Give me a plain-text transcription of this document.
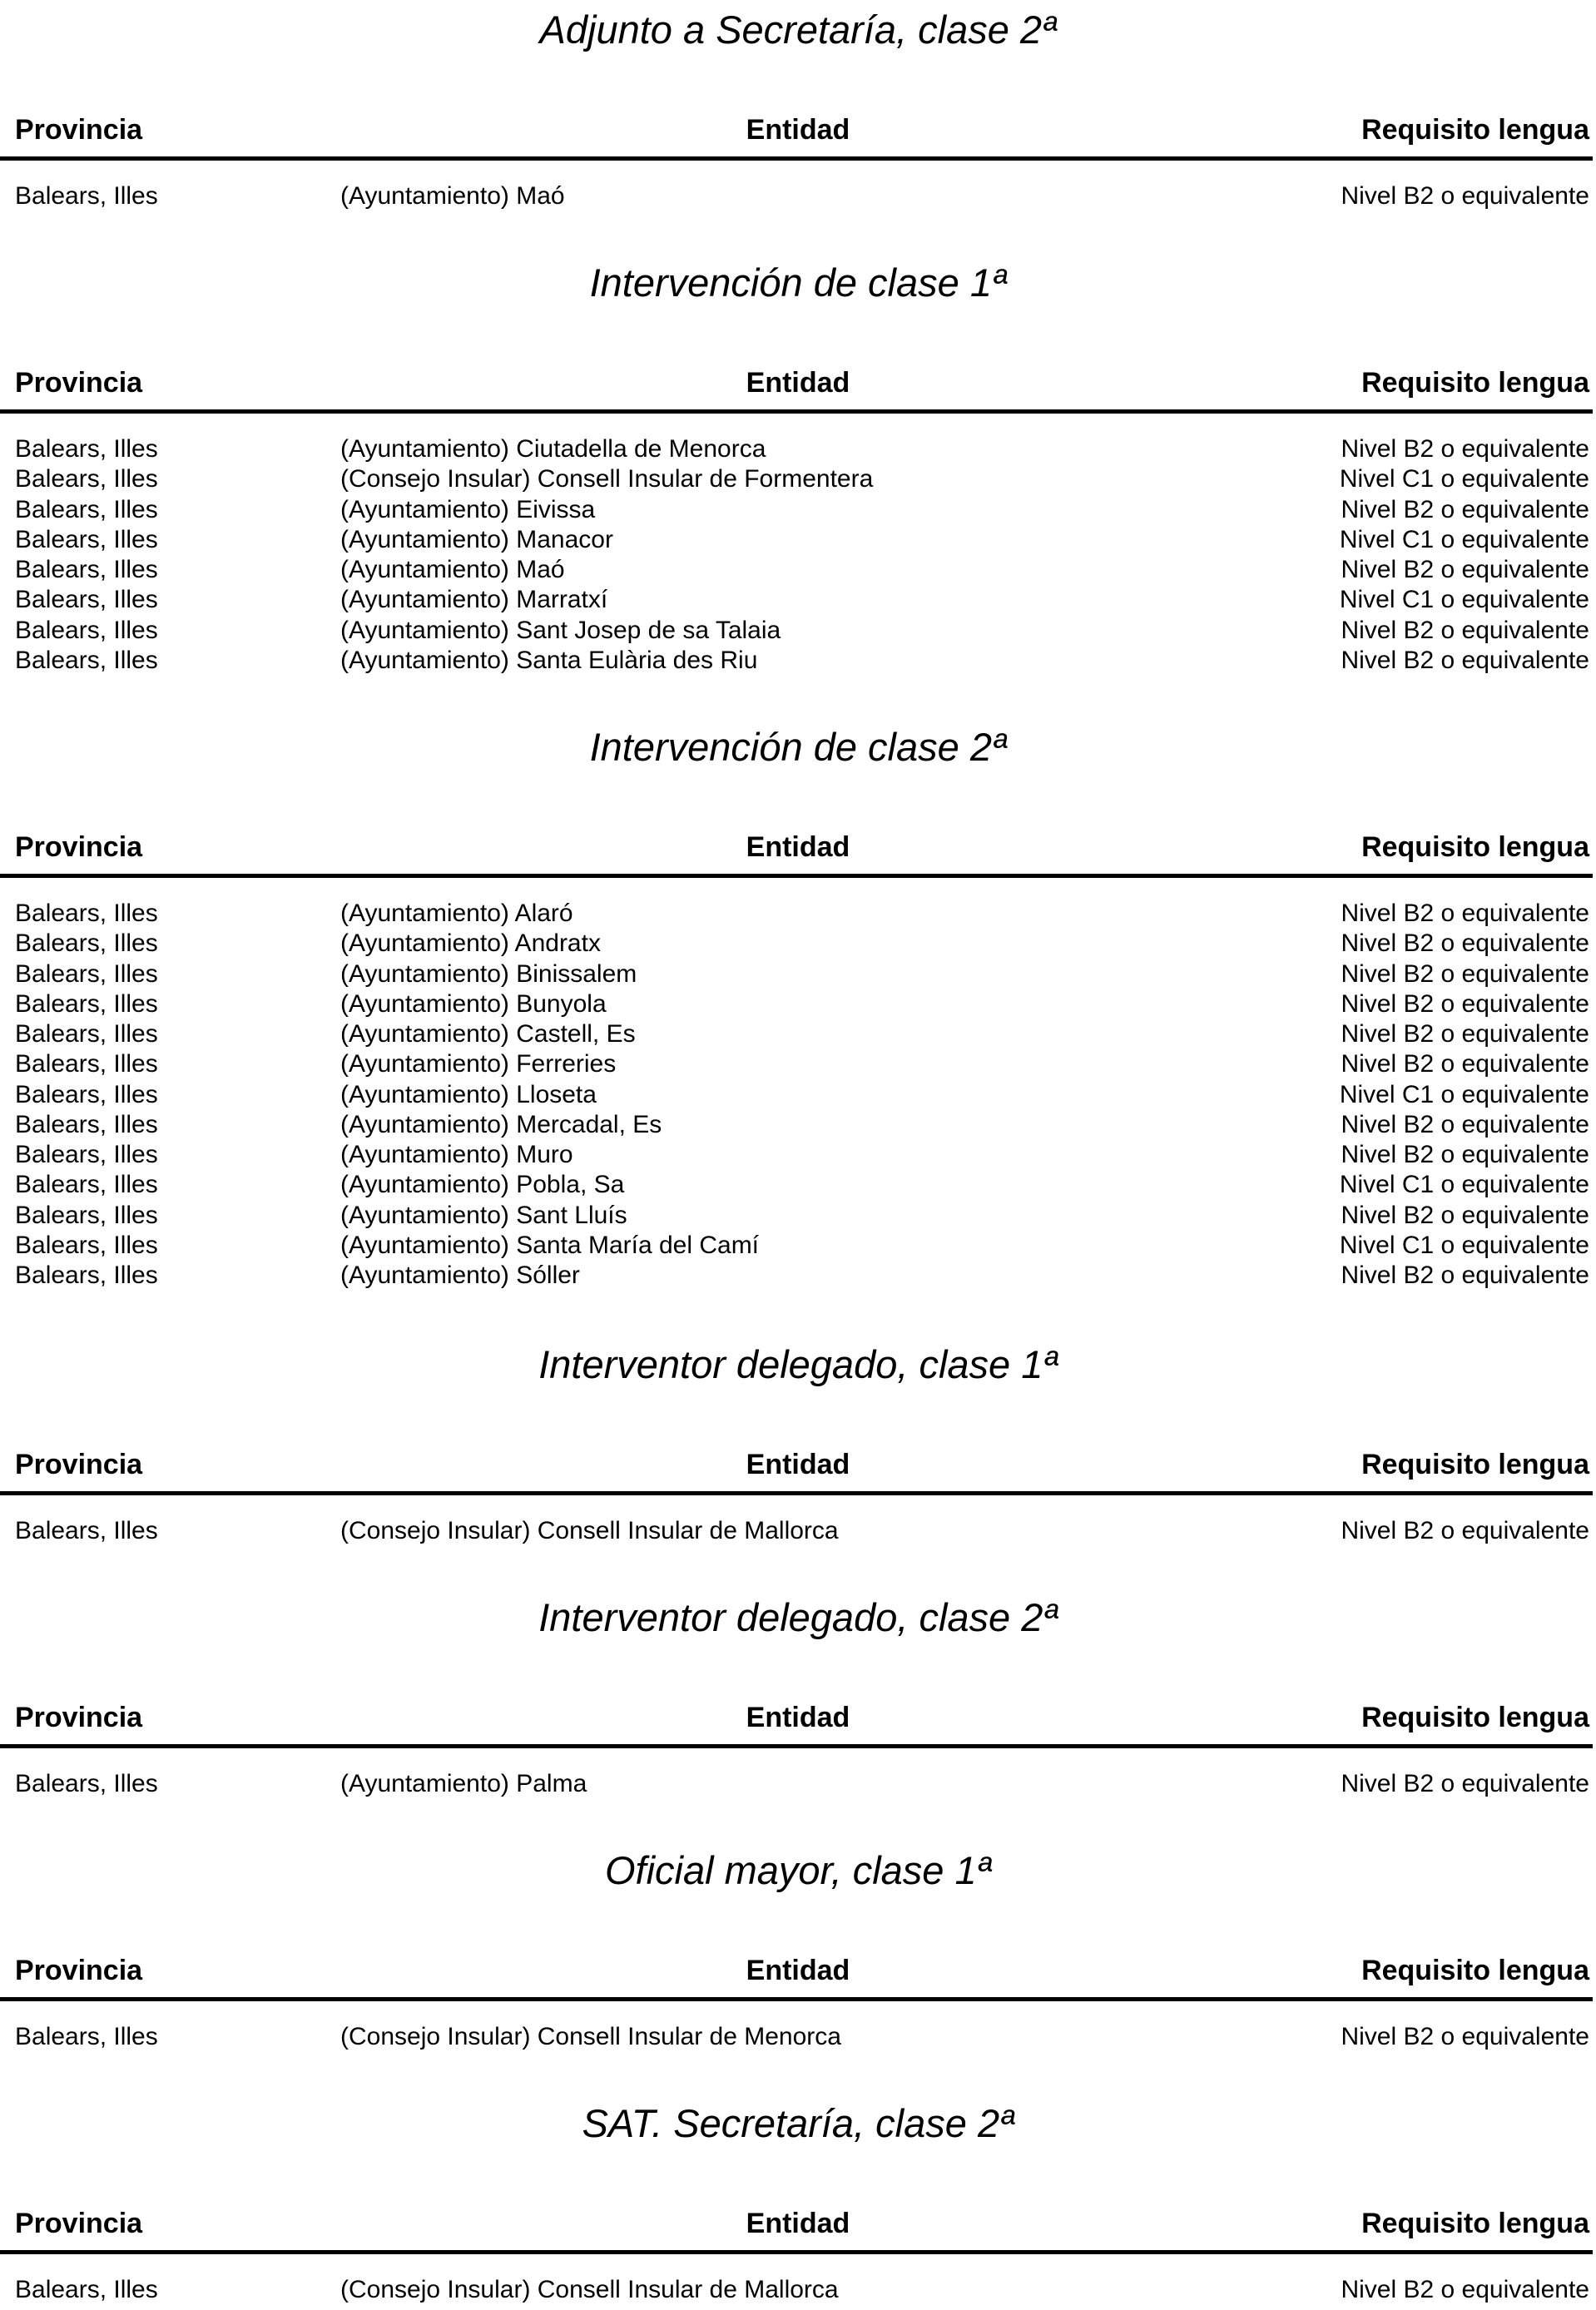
Adjunto a Secretaría, clase 2ª
Provincia	Entidad	Requisito lengua
Balears, Illes	(Ayuntamiento) Maó	Nivel B2 o equivalente
Intervención de clase 1ª
Provincia	Entidad	Requisito lengua
Balears, Illes	(Ayuntamiento) Ciutadella de Menorca	Nivel B2 o equivalente
Balears, Illes	(Consejo Insular) Consell Insular de Formentera	Nivel C1 o equivalente
Balears, Illes	(Ayuntamiento) Eivissa	Nivel B2 o equivalente
Balears, Illes	(Ayuntamiento) Manacor	Nivel C1 o equivalente
Balears, Illes	(Ayuntamiento) Maó	Nivel B2 o equivalente
Balears, Illes	(Ayuntamiento) Marratxí	Nivel C1 o equivalente
Balears, Illes	(Ayuntamiento) Sant Josep de sa Talaia	Nivel B2 o equivalente
Balears, Illes	(Ayuntamiento) Santa Eulària des Riu	Nivel B2 o equivalente
Intervención de clase 2ª
Provincia	Entidad	Requisito lengua
Balears, Illes	(Ayuntamiento) Alaró	Nivel B2 o equivalente
Balears, Illes	(Ayuntamiento) Andratx	Nivel B2 o equivalente
Balears, Illes	(Ayuntamiento) Binissalem	Nivel B2 o equivalente
Balears, Illes	(Ayuntamiento) Bunyola	Nivel B2 o equivalente
Balears, Illes	(Ayuntamiento) Castell, Es	Nivel B2 o equivalente
Balears, Illes	(Ayuntamiento) Ferreries	Nivel B2 o equivalente
Balears, Illes	(Ayuntamiento) Lloseta	Nivel C1 o equivalente
Balears, Illes	(Ayuntamiento) Mercadal, Es	Nivel B2 o equivalente
Balears, Illes	(Ayuntamiento) Muro	Nivel B2 o equivalente
Balears, Illes	(Ayuntamiento) Pobla, Sa	Nivel C1 o equivalente
Balears, Illes	(Ayuntamiento) Sant Lluís	Nivel B2 o equivalente
Balears, Illes	(Ayuntamiento) Santa María del Camí	Nivel C1 o equivalente
Balears, Illes	(Ayuntamiento) Sóller	Nivel B2 o equivalente
Interventor delegado, clase 1ª
Provincia	Entidad	Requisito lengua
Balears, Illes	(Consejo Insular) Consell Insular de Mallorca	Nivel B2 o equivalente
Interventor delegado, clase 2ª
Provincia	Entidad	Requisito lengua
Balears, Illes	(Ayuntamiento) Palma	Nivel B2 o equivalente
Oficial mayor, clase 1ª
Provincia	Entidad	Requisito lengua
Balears, Illes	(Consejo Insular) Consell Insular de Menorca	Nivel B2 o equivalente
SAT. Secretaría, clase 2ª
Provincia	Entidad	Requisito lengua
Balears, Illes	(Consejo Insular) Consell Insular de Mallorca	Nivel B2 o equivalente
